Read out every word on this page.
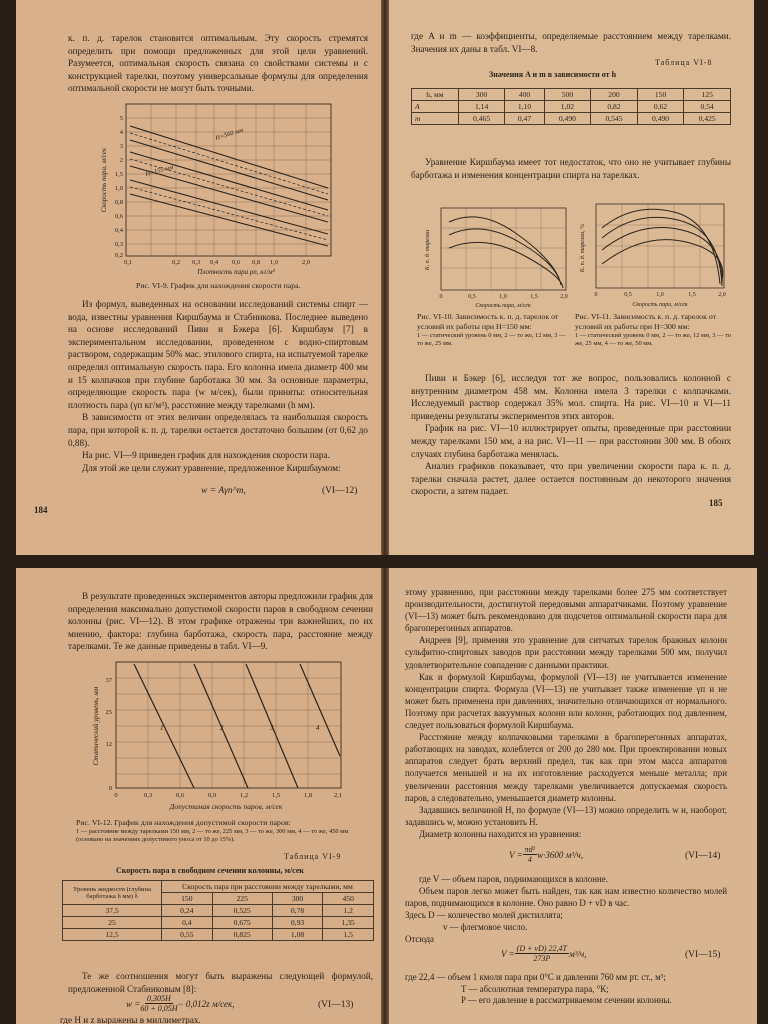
к. п. д. тарелок становится оптимальным. Эту скорость стремятся определить при помощи предложенных для этой цели уравнений. Разумеется, оптимальная скорость связана со свойствами системы и с конструкцией тарелки, поэтому универсальные формулы для определения оптимальной скорости не могут быть точными.

H=560 мм
H=155 мм
5
4
3
2
1,5
1,0
0,8
0,6
0,4
0,3
0,2
0,1	0,2 0,3 0,4 0,6 0,8 1,0	2,0
Плотность пара ρп, кг/м³
Скорость пара, м/сек
Рис. VI-9. График для нахождения скорости пара.

Из формул, выведенных на основании исследований системы спирт — вода, известны уравнения Киршбаума и Стабникова. Последнее выведено на основе исследований Пиви и Бэкера [6]. Киршбаум [7] в экспериментальном исследовании, проведенном с водно-спиртовым раствором, содержащим 50% мас. этилового спирта, на испытуемой тарелке определял оптимальную скорость пара. Его колонна имела диаметр 400 мм и 15 колпачков при глубине барботажа 30 мм. За основные параметры, определяющие скорость пара (w м/сек), были приняты: относительная плотность пара (γп кг/м³), расстояние между тарелками (h мм).

В зависимости от этих величин определялась та наибольшая скорость пара, при которой к. п. д. тарелки остается достаточно большим (от 0,62 до 0,88).

На рис. VI—9 приведен график для нахождения скорости пара.

Для этой же цели служит уравнение, предложенное Киршбаумом:

w = Aγп^m,	(VI—12)
184

где A и m — коэффициенты, определяемые расстоянием между тарелками. Значения их даны в табл. VI—8.

Таблица VI-8
Значения A и m в зависимости от h
h, мм	300	400	500	200	150	125
A	1,14	1,10	1,02	0,82	0,62	0,54
m	0,465	0,47	0,490	0,545	0,490	0,425

Уравнение Киршбаума имеет тот недостаток, что оно не учитывает глубины барботажа и изменения концентрации спирта на тарелках.

0	0,5	1,0	1,5	2,0
Скорость пара, м/сек
К. п. д. тарелки
0	0,5	1,0	1,5	2,0
Скорость пара, м/сек
К. п. д. тарелки, %
Рис. VI-10. Зависимость к. п. д. тарелок от условий их работы при H=150 мм:
1 — статический уровень 0 мм, 2 — то же, 12 мм, 3 — то же, 25 мм.
Рис. VI-11. Зависимость к. п. д. тарелок от условий их работы при H=300 мм:
1 — статический уровень 0 мм, 2 — то же, 12 мм, 3 — то же, 25 мм, 4 — то же, 50 мм.

Пиви и Бэкер [6], исследуя тот же вопрос, пользовались колонной с внутренним диаметром 458 мм. Колонна имела 3 тарелки с колпачками. Исследуемый раствор содержал 35% мол. спирта. На рис. VI—10 и VI—11 приведены результаты экспериментов этих авторов.

График на рис. VI—10 иллюстрирует опыты, проведенные при расстоянии между тарелками 150 мм, а на рис. VI—11 — при расстоянии 300 мм. В обоих случаях глубина барботажа менялась.

Анализ графиков показывает, что при увеличении скорости пара к. п. д. тарелки сначала растет, далее остается постоянным до некоторого значения скорости, а затем падает.

185

В результате проведенных экспериментов авторы предложили график для определения максимально допустимой скорости паров в свободном сечении колонны (рис. VI—12). В этом графике отражены три важнейших, по их мнению, фактора: глубина барботажа, скорость пара, расстояние между тарелками. Те же данные приведены в табл. VI—9.

1	2	3	4
37
25
12
0
0	0,3	0,6	0,9	1,2	1,5	1,8	2,1
Допустимая скорость паров, м/сек
Статический уровень, мм
Рис. VI-12. График для нахождения допустимой скорости паров:
1 — расстояние между тарелками 150 мм, 2 — то же, 225 мм, 3 — то же, 300 мм, 4 — то же, 450 мм (основано на значениях допустимого уноса от 10 до 15%).
Таблица VI-9
Скорость пара в свободном сечении колонны, м/сек
Уровень жидкости (глубина барботажа h мм) δ	Скорость пара при расстоянии между тарелками, мм			
	150	225	300	450
37,5	0,24	0,525	0,78	1,2
25	0,4	0,675	0,93	1,35
12,5	0,55	0,825	1,08	1,5

Те же соотношения могут быть выражены следующей формулой, предложенной Стабниковым [8]:

$w = \frac{0,305H}{60 + 0,05H} - 0,012z$ м/сек,	(VI—13)

где H и z выражены в миллиметрах.

этому уравнению, при расстоянии между тарелками более 275 мм соответствует производительности, достигнутой передовыми аппаратчиками. Поэтому уравнение (VI—13) может быть рекомендовано для подсчетов оптимальной скорости пара для брагоперегонных аппаратов.

Андреев [9], применяя это уравнение для ситчатых тарелок бражных колонн сульфитно-спиртовых заводов при расстоянии между тарелками 500 мм, получил удовлетворительное совпадение с данными практики.

Как и формулой Киршбаума, формулой (VI—13) не учитывается изменение концентрации спирта. Формула (VI—13) не учитывает также изменение γп и не может быть применена при давлениях, значительно отличающихся от нормального. Поэтому при расчетах вакуумных колонн или колонн, работающих под давлением, следует пользоваться формулой Киршбаума.

Расстояние между колпачковыми тарелками в брагоперегонных аппаратах, работающих на заводах, колеблется от 200 до 280 мм. При проектировании новых аппаратов следует брать верхний предел, так как при этом масса аппаратов получается меньшей и на их изготовление расходуется меньше металла; при увеличении расстояния между тарелками увеличивается допускаемая скорость паров, а следовательно, уменьшается диаметр колонны.

Задавшись величиной H, по формуле (VI—13) можно определить w и, наоборот, задавшись w, можно установить H.

Диаметр колонны находится из уравнения:

$V = \frac{\text{πd²}}{4} w\cdot 3600$ м³/ч,	(VI—14)

где V — объем паров, поднимающихся в колонне.

Объем паров легко может быть найден, так как нам известно количество молей паров, поднимающихся в колонне. Оно равно D + vD в час.

Здесь D — количество молей дистиллята;

v — флегмовое число.

Отсюда

$V = \frac{(D + vD) 22,4T}{273P} м^3/ч$,	(VI—15)

где 22,4 — объем 1 кмоля пара при 0°С и давлении 760 мм рт. ст., м³;

T — абсолютная температура пара, °К;

P — его давление в рассматриваемом сечении колонны.
